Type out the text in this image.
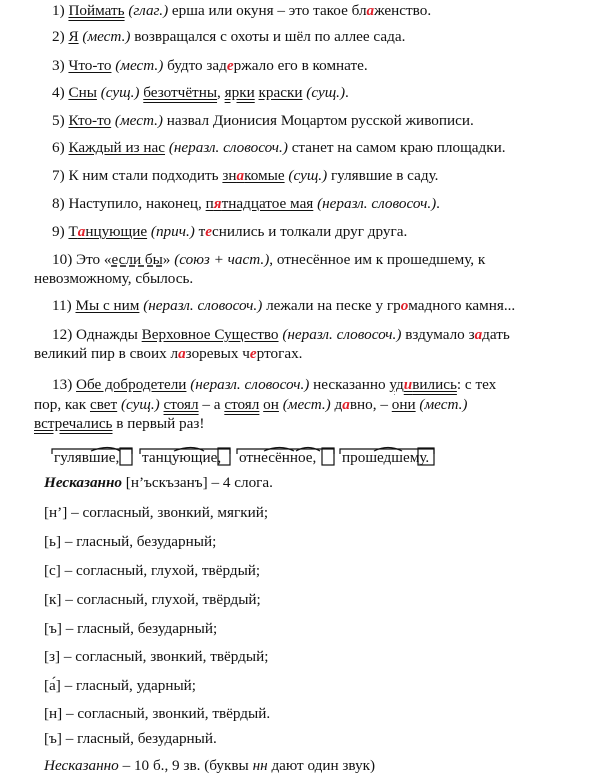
1) Поймать (глаг.) ерша или окуня – это такое блаженство.
2) Я (мест.) возвращался с охоты и шёл по аллее сада.
3) Что-то (мест.) будто задержало его в комнате.
4) Сны (сущ.) безотчётны, ярки краски (сущ.).
5) Кто-то (мест.) назвал Дионисия Моцартом русской живописи.
6) Каждый из нас (неразл. словосоч.) станет на самом краю площадки.
7) К ним стали подходить знакомые (сущ.) гулявшие в саду.
8) Наступило, наконец, пятнадцатое мая (неразл. словосоч.).
9) Танцующие (прич.) теснились и толкали друг друга.
10) Это «если бы» (союз + част.), отнесённое им к прошедшему, к
невозможному, сбылось.
11) Мы с ним (неразл. словосоч.) лежали на песке у громадного камня...
12) Однажды Верховное Существо (неразл. словосоч.) вздумало задать
великий пир в своих лазоревых чертогах.
13) Обе добродетели (неразл. словосоч.) несказанно удивились: с тех
пор, как свет (сущ.) стоял – а стоял он (мест.) давно, – они (мест.)
встречались в первый раз!
гулявшие, танцующие, отнесённое, прошедшему.
Несказанно [н’ъскъзанъ] – 4 слога.
[н’] – согласный, звонкий, мягкий;
[ь] – гласный, безударный;
[с] – согласный, глухой, твёрдый;
[к] – согласный, глухой, твёрдый;
[ъ] – гласный, безударный;
[з] – согласный, звонкий, твёрдый;
[а́] – гласный, ударный;
[н] – согласный, звонкий, твёрдый.
[ъ] – гласный, безударный.
Несказанно – 10 б., 9 зв. (буквы нн дают один звук)
